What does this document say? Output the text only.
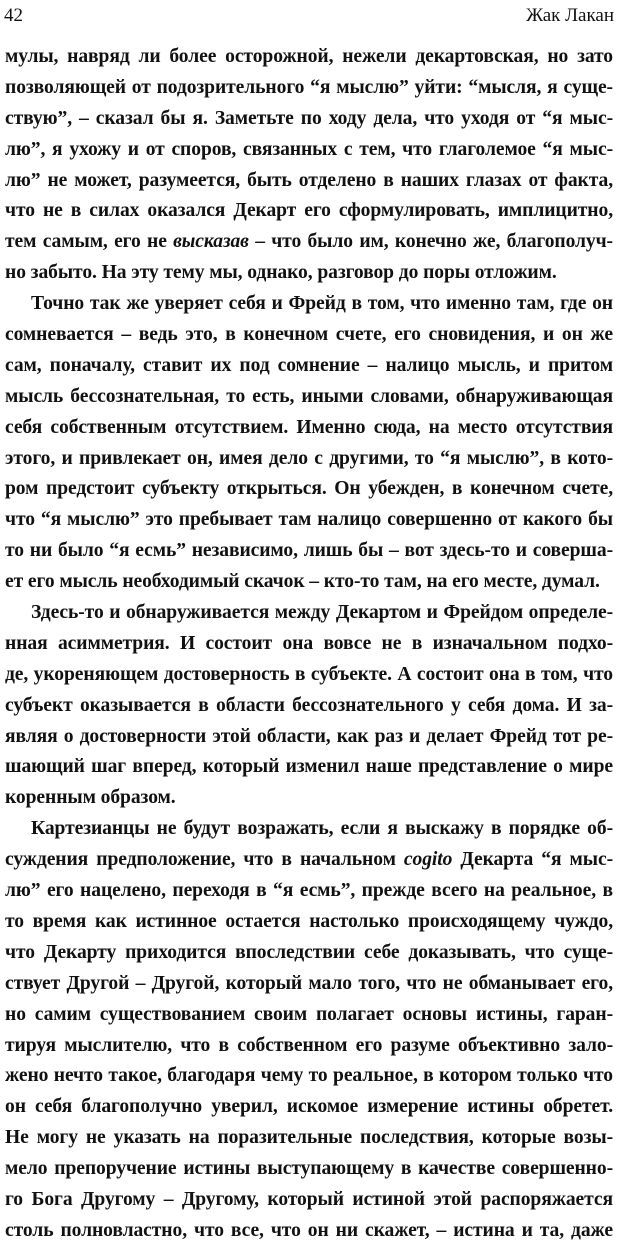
42	Жак Лакан
мулы, навряд ли более осторожной, нежели декартовская, но зато
позволяющей от подозрительного “я мыслю” уйти: “мысля, я суще-
ствую”, – сказал бы я. Заметьте по ходу дела, что уходя от “я мыс-
лю”, я ухожу и от споров, связанных с тем, что глаголемое “я мыс-
лю” не может, разумеется, быть отделено в наших глазах от факта,
что не в силах оказался Декарт его сформулировать, имплицитно,
тем самым, его не высказав – что было им, конечно же, благополуч-
но забыто. На эту тему мы, однако, разговор до поры отложим.
Точно так же уверяет себя и Фрейд в том, что именно там, где он
сомневается – ведь это, в конечном счете, его сновидения, и он же
сам, поначалу, ставит их под сомнение – налицо мысль, и притом
мысль бессознательная, то есть, иными словами, обнаруживающая
себя собственным отсутствием. Именно сюда, на место отсутствия
этого, и привлекает он, имея дело с другими, то “я мыслю”, в кото-
ром предстоит субъекту открыться. Он убежден, в конечном счете,
что “я мыслю” это пребывает там налицо совершенно от какого бы
то ни было “я есмь” независимо, лишь бы – вот здесь-то и соверша-
ет его мысль необходимый скачок – кто-то там, на его месте, думал.
Здесь-то и обнаруживается между Декартом и Фрейдом определе-
нная асимметрия. И состоит она вовсе не в изначальном подхо-
де, укореняющем достоверность в субъекте. А состоит она в том, что
субъект оказывается в области бессознательного у себя дома. И за-
являя о достоверности этой области, как раз и делает Фрейд тот ре-
шающий шаг вперед, который изменил наше представление о мире
коренным образом.
Картезианцы не будут возражать, если я выскажу в порядке об-
суждения предположение, что в начальном cogito Декарта “я мыс-
лю” его нацелено, переходя в “я есмь”, прежде всего на реальное, в
то время как истинное остается настолько происходящему чуждо,
что Декарту приходится впоследствии себе доказывать, что суще-
ствует Другой – Другой, который мало того, что не обманывает его,
но самим существованием своим полагает основы истины, гаран-
тируя мыслителю, что в собственном его разуме объективно зало-
жено нечто такое, благодаря чему то реальное, в котором только что
он себя благополучно уверил, искомое измерение истины обретет.
Не могу не указать на поразительные последствия, которые возы-
мело препоручение истины выступающему в качестве совершенно-
го Бога Другому – Другому, который истиной этой распоряжается
столь полновластно, что все, что он ни скажет, – истина и та, даже
